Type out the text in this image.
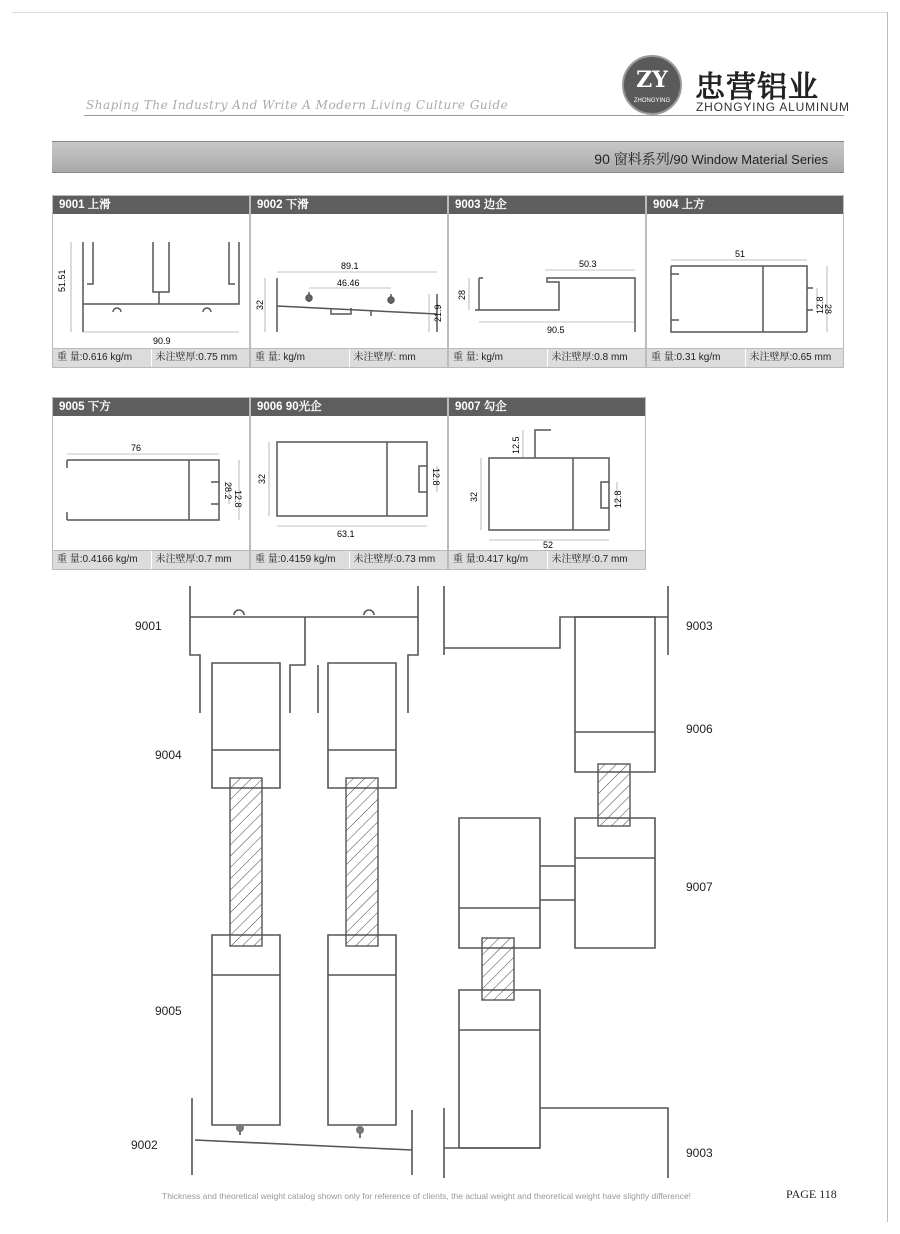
Shaping The Industry And Write A Modern Living Culture Guide
ZY
ZHONGYING 忠营铝业
ZHONGYING ALUMINUM
90 窗料系列/90 Window Material Series
9001 上滑
51.51
90.9
重 量:0.616 kg/m	未注壁厚:0.75 mm
9002 下滑
89.1
46.46
32	21.9
重 量: kg/m	未注壁厚: mm
9003 边企
50.3
28
90.5
重 量: kg/m	未注壁厚:0.8 mm
9004 上方
51
12.8
28
重 量:0.31 kg/m	未注壁厚:0.65 mm
9005 下方
76
28.2 12.8
重 量:0.4166 kg/m	未注壁厚:0.7 mm
9006 90光企
32	12.8
63.1
重 量:0.4159 kg/m	未注壁厚:0.73 mm
9007 勾企
12.5
32	12.8
52
重 量:0.417 kg/m	未注壁厚:0.7 mm
9001
9004
9005
9002
9003
9006
9007
9003
Thickness and theoretical weight catalog shown only for reference of clients, the actual weight and theoretical weight have slightly difference!	PAGE 118
